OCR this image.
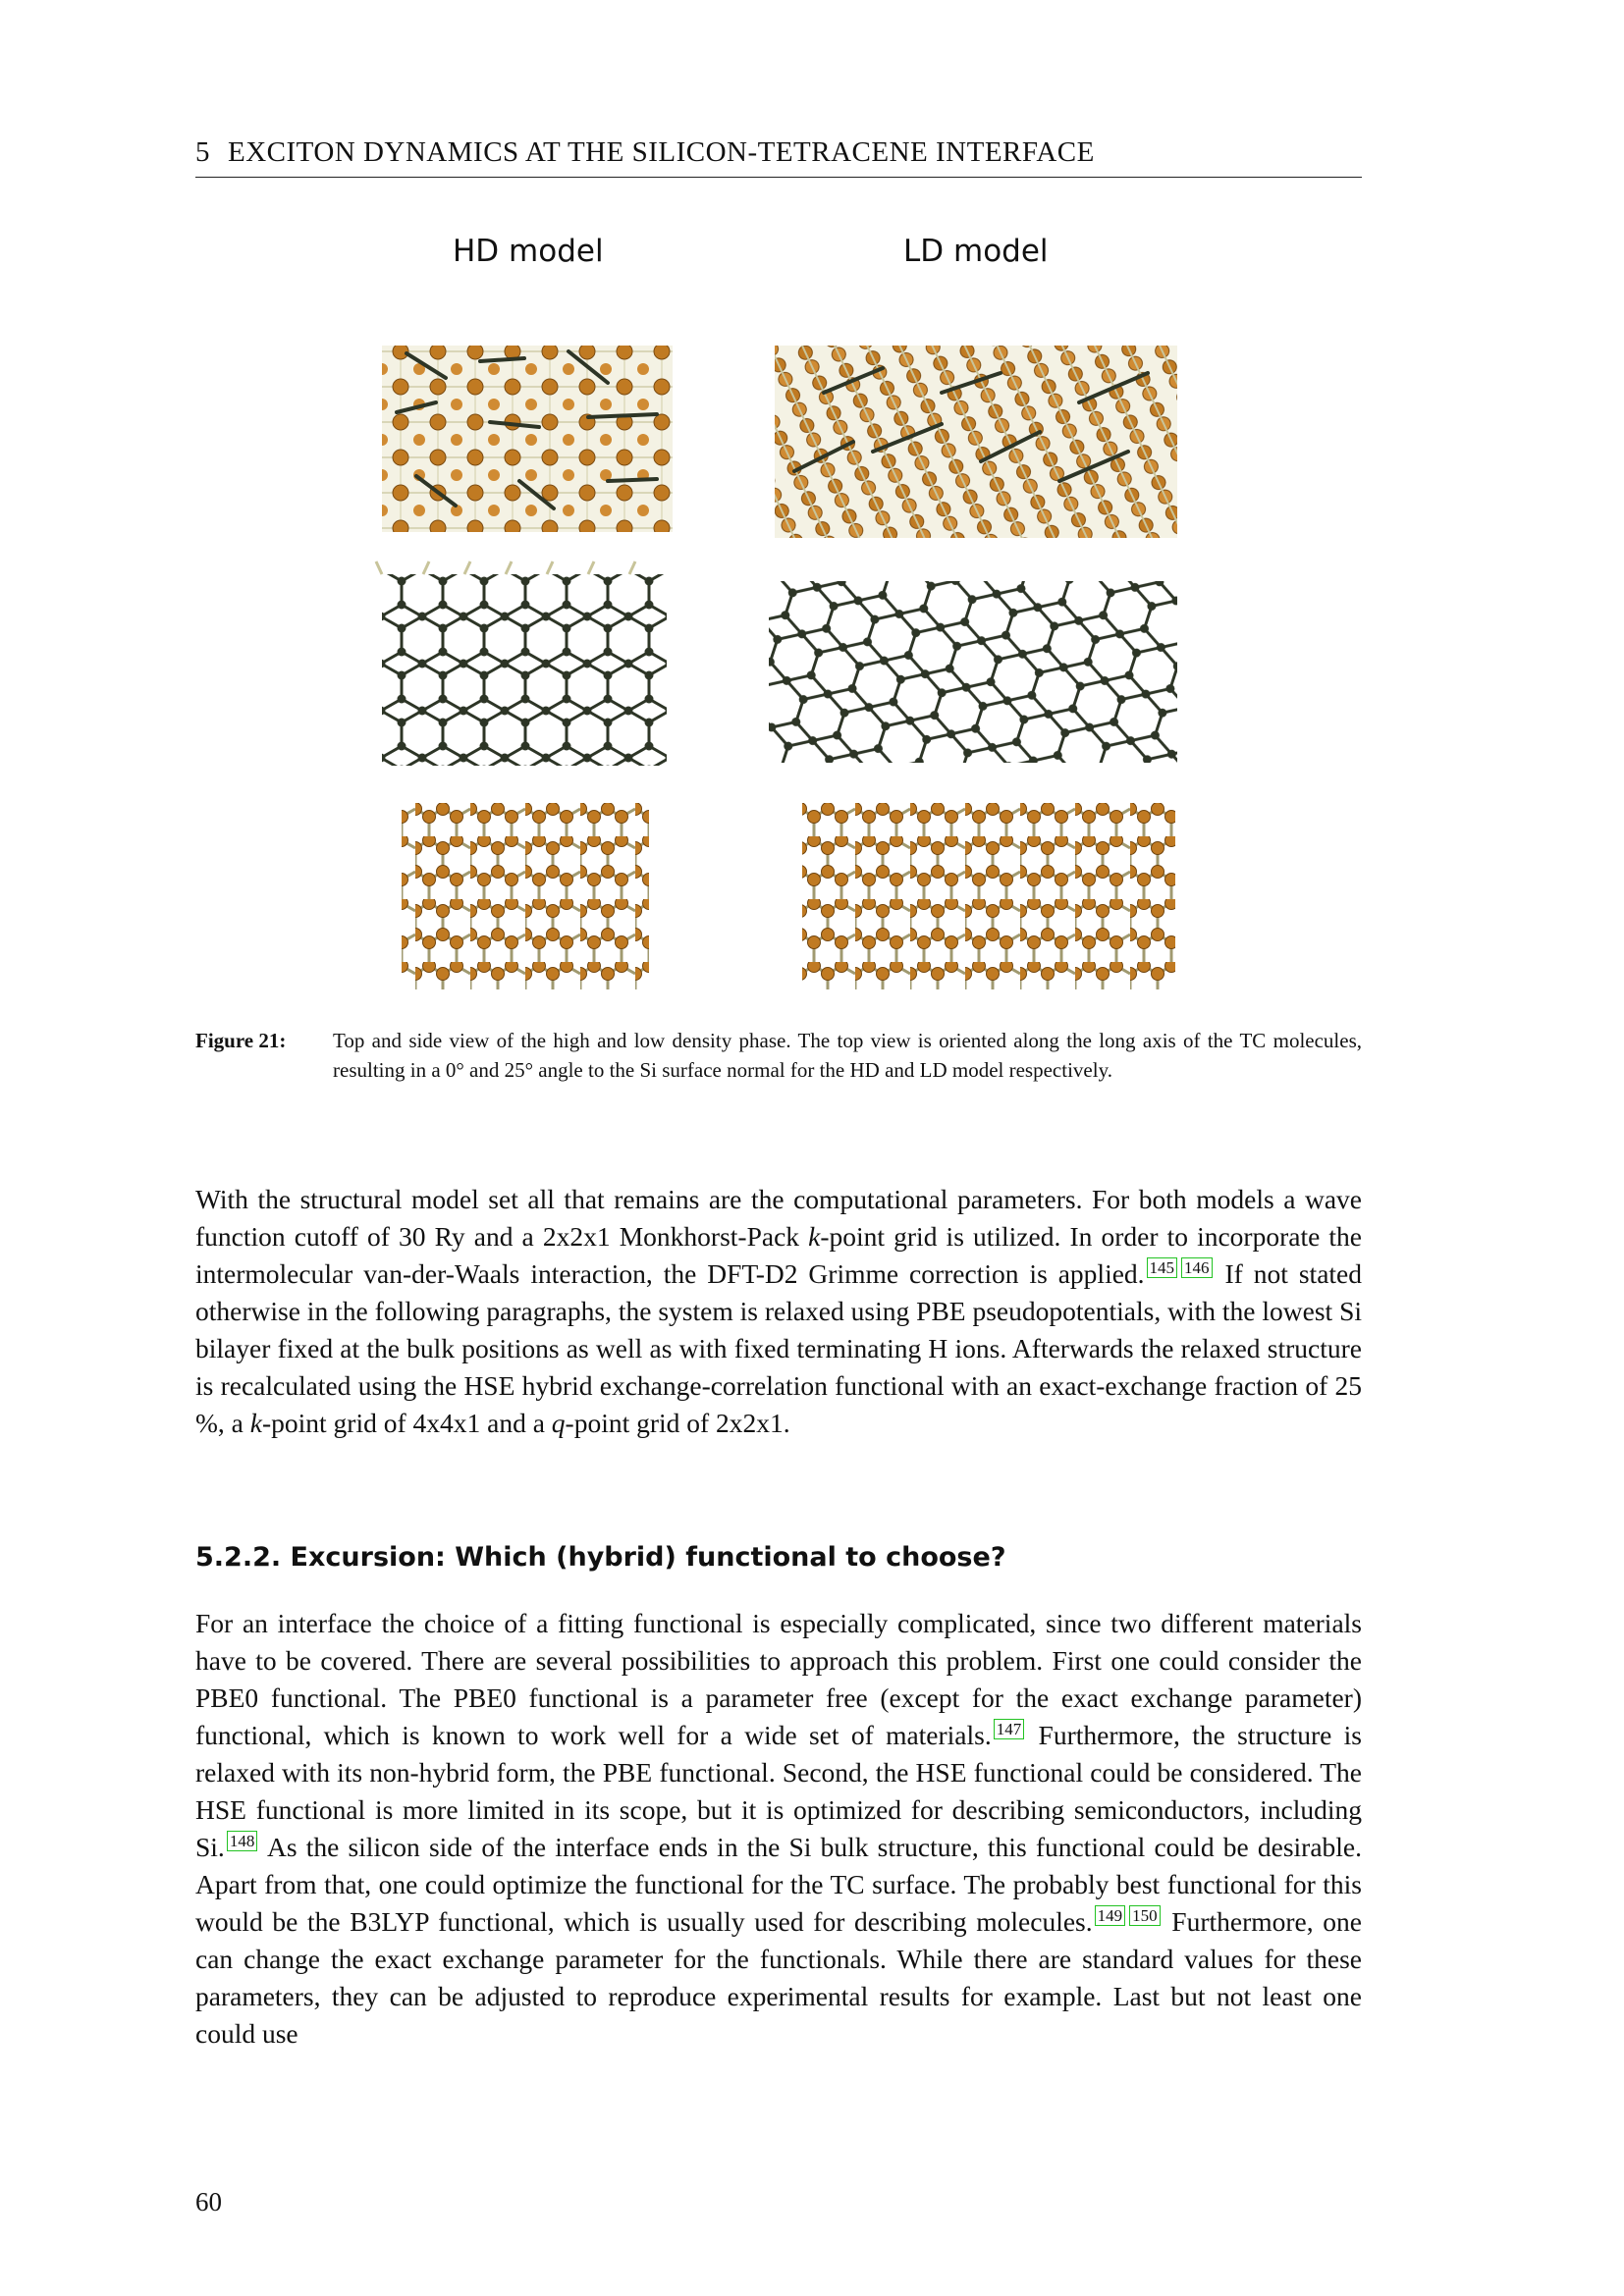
5 EXCITON DYNAMICS AT THE SILICON-TETRACENE INTERFACE
HD model	LD model
Figure 21: Top and side view of the high and low density phase. The top view is oriented along the long axis of the TC molecules, resulting in a 0° and 25° angle to the Si surface normal for the HD and LD model respectively.

With the structural model set all that remains are the computational parameters. For both models a wave function cutoff of 30 Ry and a 2x2x1 Monkhorst-Pack k-point grid is utilized. In order to incorporate the intermolecular van-der-Waals interaction, the DFT-D2 Grimme correction is applied. $^{145}$ $^{146}$ If not stated otherwise in the following paragraphs, the system is relaxed using PBE pseudopotentials, with the lowest Si bilayer fixed at the bulk positions as well as with fixed terminating H ions. Afterwards the relaxed structure is recalculated using the HSE hybrid exchange-correlation functional with an exact-exchange fraction of 25 %, a k-point grid of 4x4x1 and a q-point grid of 2x2x1.

5.2.2. Excursion: Which (hybrid) functional to choose?

For an interface the choice of a fitting functional is especially complicated, since two different materials have to be covered. There are several possibilities to approach this problem. First one could consider the PBE0 functional. The PBE0 functional is a parameter free (except for the exact exchange parameter) functional, which is known to work well for a wide set of materials. $^{147}$ Furthermore, the structure is relaxed with its non-hybrid form, the PBE functional. Second, the HSE functional could be considered. The HSE functional is more limited in its scope, but it is optimized for describing semiconductors, including Si. $^{148}$ As the silicon side of the interface ends in the Si bulk structure, this functional could be desirable. Apart from that, one could optimize the functional for the TC surface. The probably best functional for this would be the B3LYP functional, which is usually used for describing molecules. $^{149}$ $^{150}$ Furthermore, one can change the exact exchange parameter for the functionals. While there are standard values for these parameters, they can be adjusted to reproduce experimental results for example. Last but not least one could use

60
